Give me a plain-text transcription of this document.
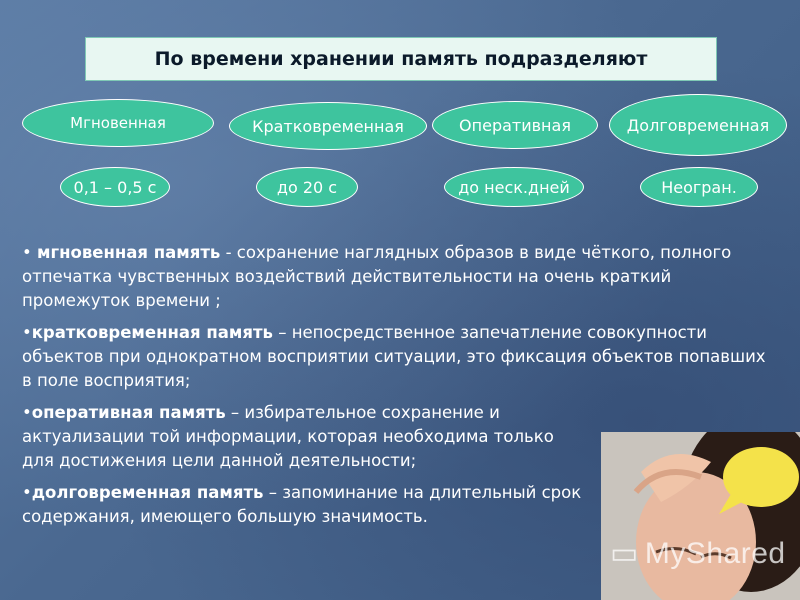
По времени хранении память подразделяют
Мгновенная	Кратковременная	Оперативная	Долговременная
0,1 – 0,5 с	до 20 с	до неск.дней	Неогран.

• мгновенная память - сохранение наглядных образов в виде чёткого, полного отпечатка чувственных воздействий действительности на очень краткий промежуток времени ;

•кратковременная память – непосредственное запечатление совокупности объектов при однократном восприятии ситуации, это фиксация объектов попавших в поле восприятия;

•оперативная память – избирательное сохранение и актуализации той информации, которая необходима только для достижения цели данной деятельности;

•долговременная память – запоминание на длительный срок содержания, имеющего большую значимость.

▭ MyShared
